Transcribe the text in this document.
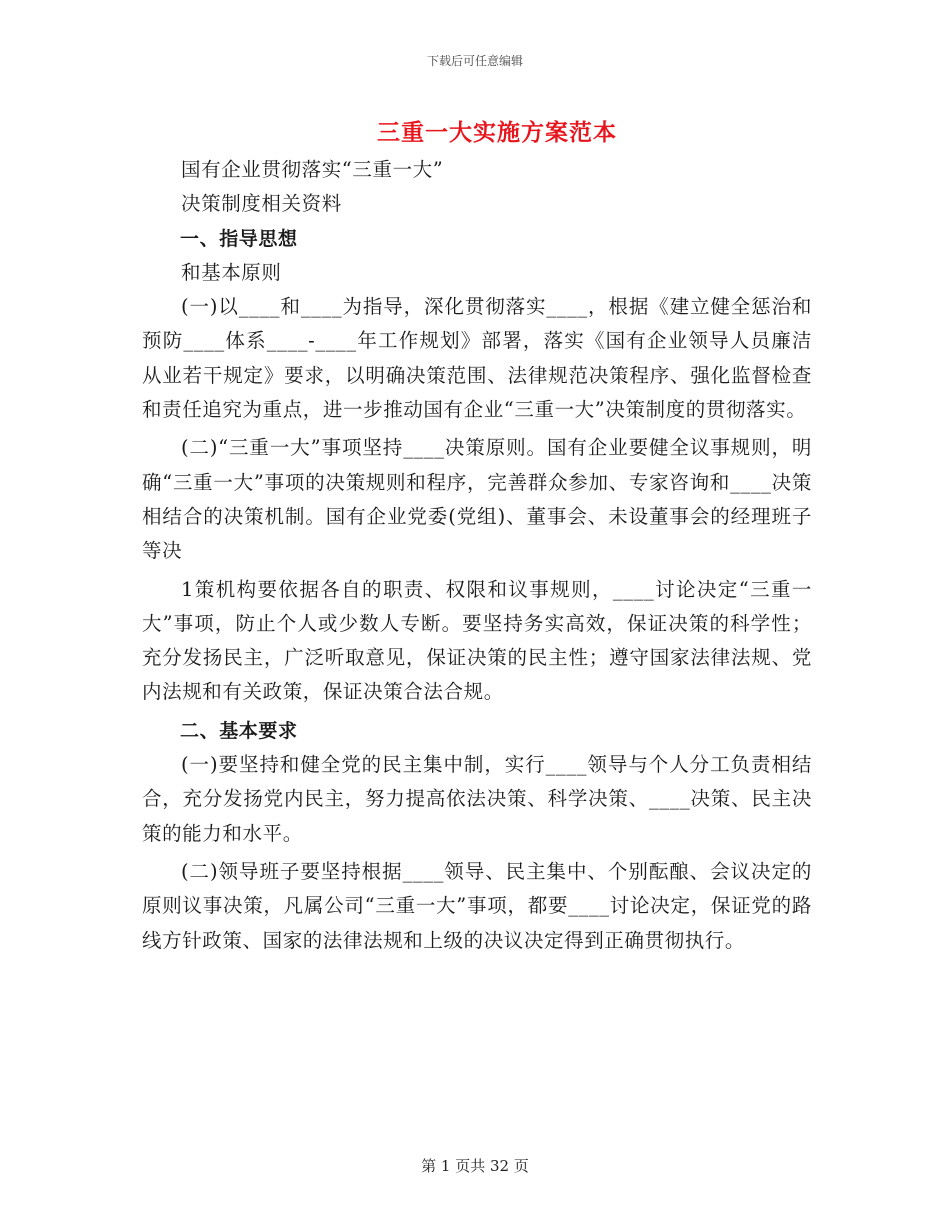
下载后可任意编辑
三重一大实施方案范本

国有企业贯彻落实“三重一大”

决策制度相关资料

一、指导思想

和基本原则

(一)以____和____为指导，深化贯彻落实____，根据《建立健全惩治和预防____体系____-____年工作规划》部署，落实《国有企业领导人员廉洁从业若干规定》要求，以明确决策范围、法律规范决策程序、强化监督检查和责任追究为重点，进一步推动国有企业“三重一大”决策制度的贯彻落实。

(二)“三重一大”事项坚持____决策原则。国有企业要健全议事规则，明确“三重一大”事项的决策规则和程序，完善群众参加、专家咨询和____决策相结合的决策机制。国有企业党委(党组)、董事会、未设董事会的经理班子等决

1策机构要依据各自的职责、权限和议事规则，____讨论决定“三重一大”事项，防止个人或少数人专断。要坚持务实高效，保证决策的科学性；充分发扬民主，广泛听取意见，保证决策的民主性；遵守国家法律法规、党内法规和有关政策，保证决策合法合规。

二、基本要求

(一)要坚持和健全党的民主集中制，实行____领导与个人分工负责相结合，充分发扬党内民主，努力提高依法决策、科学决策、____决策、民主决策的能力和水平。

(二)领导班子要坚持根据____领导、民主集中、个别酝酿、会议决定的原则议事决策，凡属公司“三重一大”事项，都要____讨论决定，保证党的路线方针政策、国家的法律法规和上级的决议决定得到正确贯彻执行。

第 1 页共 32 页
